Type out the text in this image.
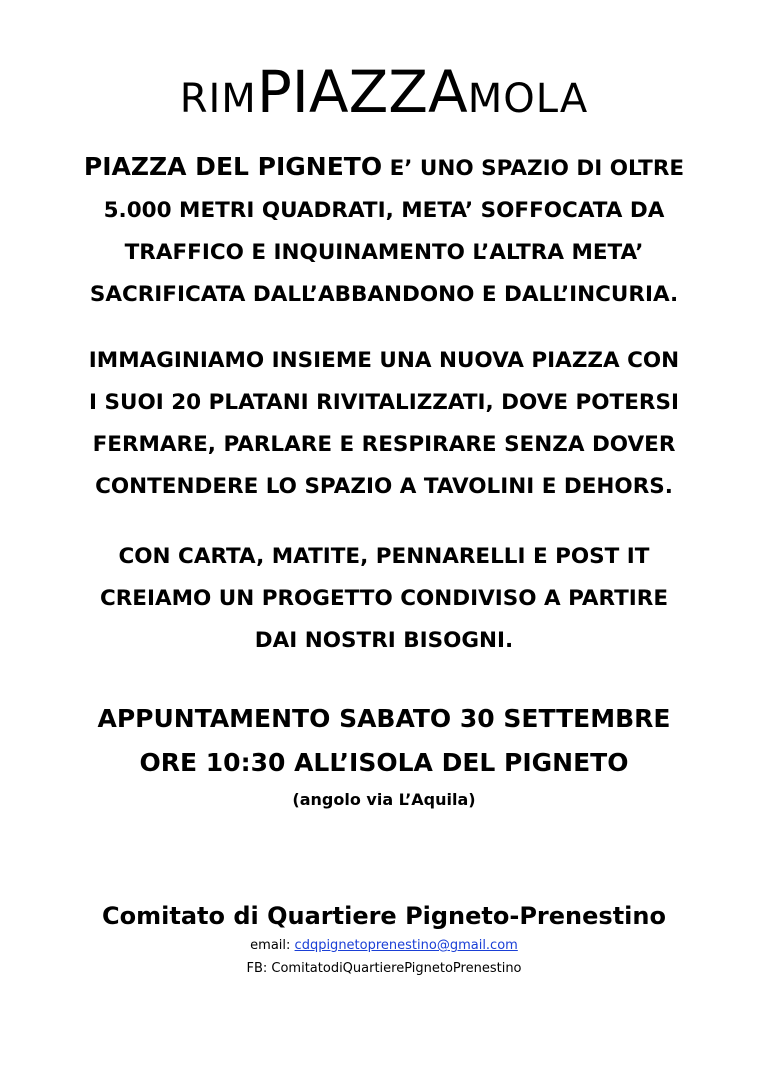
RIMPIAZZAMOLA
PIAZZA DEL PIGNETO E’ UNO SPAZIO DI OLTRE
5.000 METRI QUADRATI, META’ SOFFOCATA DA
TRAFFICO E INQUINAMENTO L’ALTRA META’
SACRIFICATA DALL’ABBANDONO E DALL’INCURIA.
IMMAGINIAMO INSIEME UNA NUOVA PIAZZA CON
I SUOI 20 PLATANI RIVITALIZZATI, DOVE POTERSI
FERMARE, PARLARE E RESPIRARE SENZA DOVER
CONTENDERE LO SPAZIO A TAVOLINI E DEHORS.
CON CARTA, MATITE, PENNARELLI E POST IT
CREIAMO UN PROGETTO CONDIVISO A PARTIRE
DAI NOSTRI BISOGNI.
APPUNTAMENTO SABATO 30 SETTEMBRE
ORE 10:30 ALL’ISOLA DEL PIGNETO
(angolo via L’Aquila)
Comitato di Quartiere Pigneto-Prenestino
email: cdqpignetoprenestino@gmail.com
FB: ComitatodiQuartierePignetoPrenestino
